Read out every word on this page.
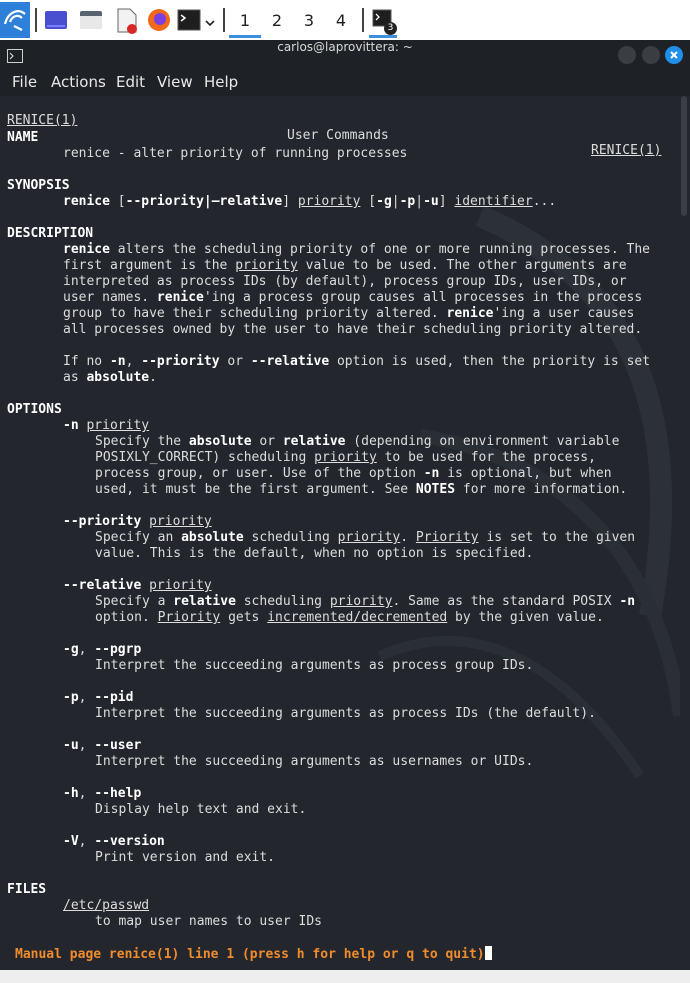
1	2	3	4	3
carlos@laprovittera: ~
File Actions Edit View Help

RENICE(1)

User Commands

RENICE(1)

NAME
renice - alter priority of running processes
SYNOPSIS
renice [--priority|—relative] priority [-g|-p|-u] identifier...
DESCRIPTION
renice alters the scheduling priority of one or more running processes. The
first argument is the priority value to be used. The other arguments are
interpreted as process IDs (by default), process group IDs, user IDs, or
user names. renice'ing a process group causes all processes in the process
group to have their scheduling priority altered. renice'ing a user causes
all processes owned by the user to have their scheduling priority altered.
If no -n, --priority or --relative option is used, then the priority is set
as absolute.
OPTIONS
-n priority
Specify the absolute or relative (depending on environment variable
POSIXLY_CORRECT) scheduling priority to be used for the process,
process group, or user. Use of the option -n is optional, but when
used, it must be the first argument. See NOTES for more information.
--priority priority
Specify an absolute scheduling priority. Priority is set to the given
value. This is the default, when no option is specified.
--relative priority
Specify a relative scheduling priority. Same as the standard POSIX -n
option. Priority gets incremented/decremented by the given value.
-g, --pgrp
Interpret the succeeding arguments as process group IDs.
-p, --pid
Interpret the succeeding arguments as process IDs (the default).
-u, --user
Interpret the succeeding arguments as usernames or UIDs.
-h, --help
Display help text and exit.
-V, --version
Print version and exit.
FILES
/etc/passwd
to map user names to user IDs
Manual page renice(1) line 1 (press h for help or q to quit)
